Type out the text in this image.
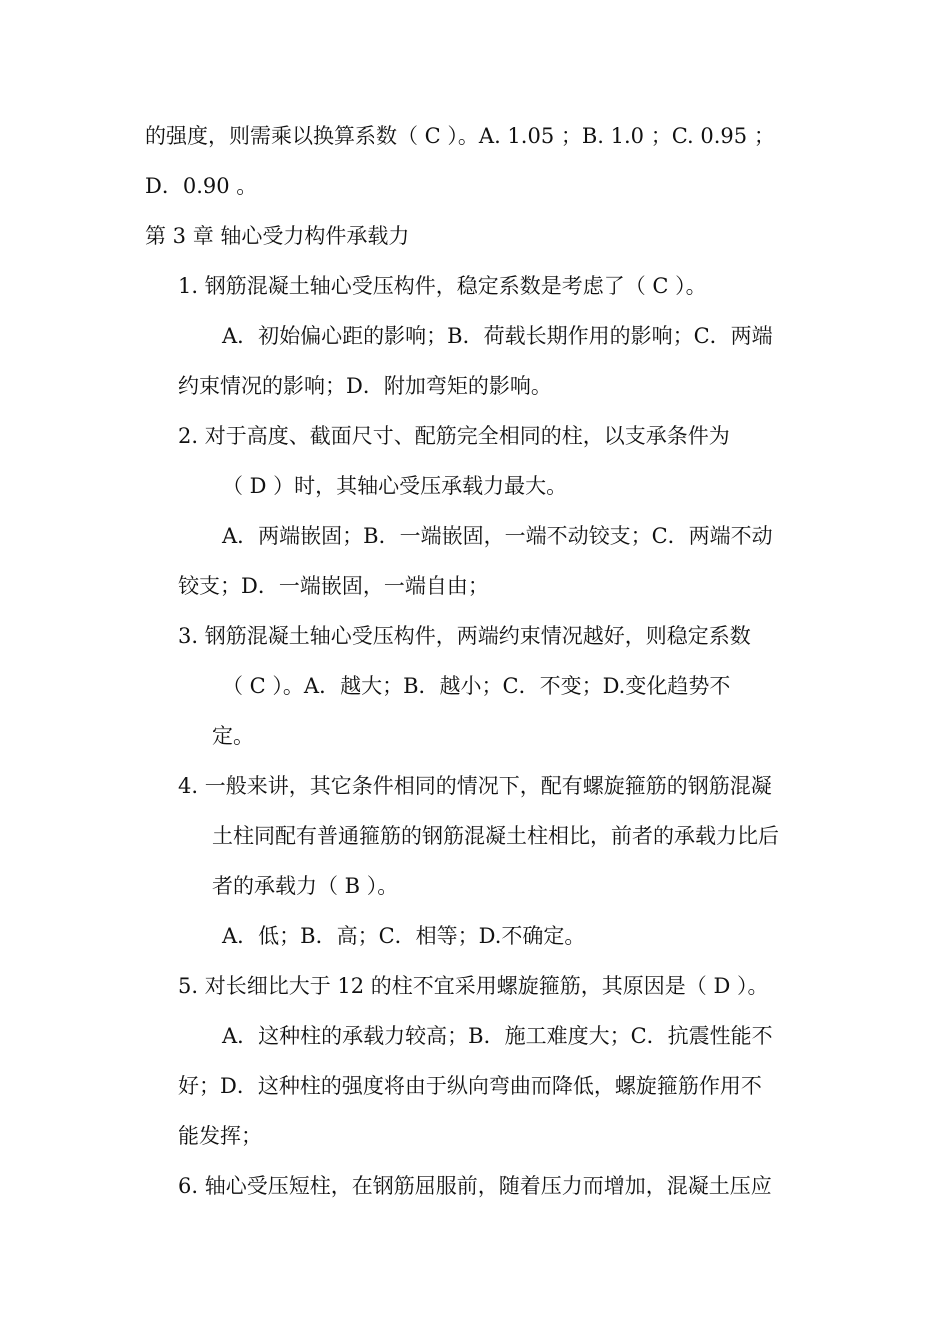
的强度，则需乘以换算系数（ C ）。A. 1.05 ；B. 1.0 ；C. 0.95 ；
D．0.90 。
第 3 章 轴心受力构件承载力
1. 钢筋混凝土轴心受压构件，稳定系数是考虑了（ C ）。
A．初始偏心距的影响；B．荷载长期作用的影响；C．两端
约束情况的影响；D．附加弯矩的影响。
2. 对于高度、截面尺寸、配筋完全相同的柱，以支承条件为
（ D ）时，其轴心受压承载力最大。
A．两端嵌固；B．一端嵌固，一端不动铰支；C．两端不动
铰支；D．一端嵌固，一端自由；
3. 钢筋混凝土轴心受压构件，两端约束情况越好，则稳定系数
（ C ）。A．越大；B．越小；C．不变；D.变化趋势不
定。
4. 一般来讲，其它条件相同的情况下，配有螺旋箍筋的钢筋混凝
土柱同配有普通箍筋的钢筋混凝土柱相比，前者的承载力比后
者的承载力（ B ）。
A．低；B．高；C．相等；D.不确定。
5. 对长细比大于 12 的柱不宜采用螺旋箍筋，其原因是（ D ）。
A．这种柱的承载力较高；B．施工难度大；C．抗震性能不
好；D．这种柱的强度将由于纵向弯曲而降低，螺旋箍筋作用不
能发挥；
6. 轴心受压短柱，在钢筋屈服前，随着压力而增加，混凝土压应
